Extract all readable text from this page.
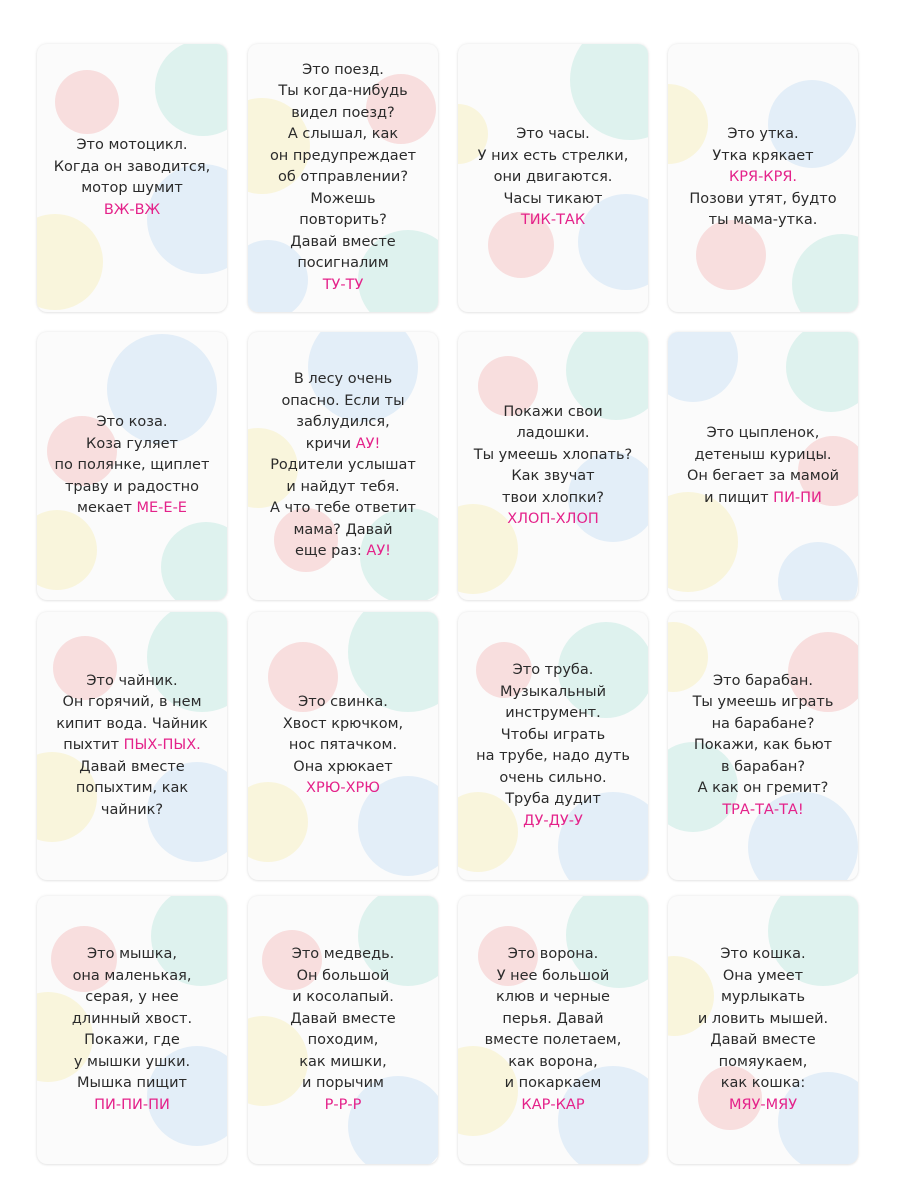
Это мотоцикл.
Когда он заводится,
мотор шумит
ВЖ-ВЖ
Это поезд.
Ты когда-нибудь
видел поезд?
А слышал, как
он предупреждает
об отправлении?
Можешь
повторить?
Давай вместе
посигналим
ТУ-ТУ
Это часы.
У них есть стрелки,
они двигаются.
Часы тикают
ТИК-ТАК
Это утка.
Утка крякает
КРЯ-КРЯ.
Позови утят, будто
ты мама-утка.
Это коза.
Коза гуляет
по полянке, щиплет
траву и радостно
мекает МЕ-Е-Е
В лесу очень
опасно. Если ты
заблудился,
кричи АУ!
Родители услышат
и найдут тебя.
А что тебе ответит
мама? Давай
еще раз: АУ!
Покажи свои
ладошки.
Ты умеешь хлопать?
Как звучат
твои хлопки?
ХЛОП-ХЛОП
Это цыпленок,
детеныш курицы.
Он бегает за мамой
и пищит ПИ-ПИ
Это чайник.
Он горячий, в нем
кипит вода. Чайник
пыхтит ПЫХ-ПЫХ.
Давай вместе
попыхтим, как
чайник?
Это свинка.
Хвост крючком,
нос пятачком.
Она хрюкает
ХРЮ-ХРЮ
Это труба.
Музыкальный
инструмент.
Чтобы играть
на трубе, надо дуть
очень сильно.
Труба дудит
ДУ-ДУ-У
Это барабан.
Ты умеешь играть
на барабане?
Покажи, как бьют
в барабан?
А как он гремит?
ТРА-ТА-ТА!
Это мышка,
она маленькая,
серая, у нее
длинный хвост.
Покажи, где
у мышки ушки.
Мышка пищит
ПИ-ПИ-ПИ
Это медведь.
Он большой
и косолапый.
Давай вместе
походим,
как мишки,
и порычим
Р-Р-Р
Это ворона.
У нее большой
клюв и черные
перья. Давай
вместе полетаем,
как ворона,
и покаркаем
КАР-КАР
Это кошка.
Она умеет
мурлыкать
и ловить мышей.
Давай вместе
помяукаем,
как кошка:
МЯУ-МЯУ
